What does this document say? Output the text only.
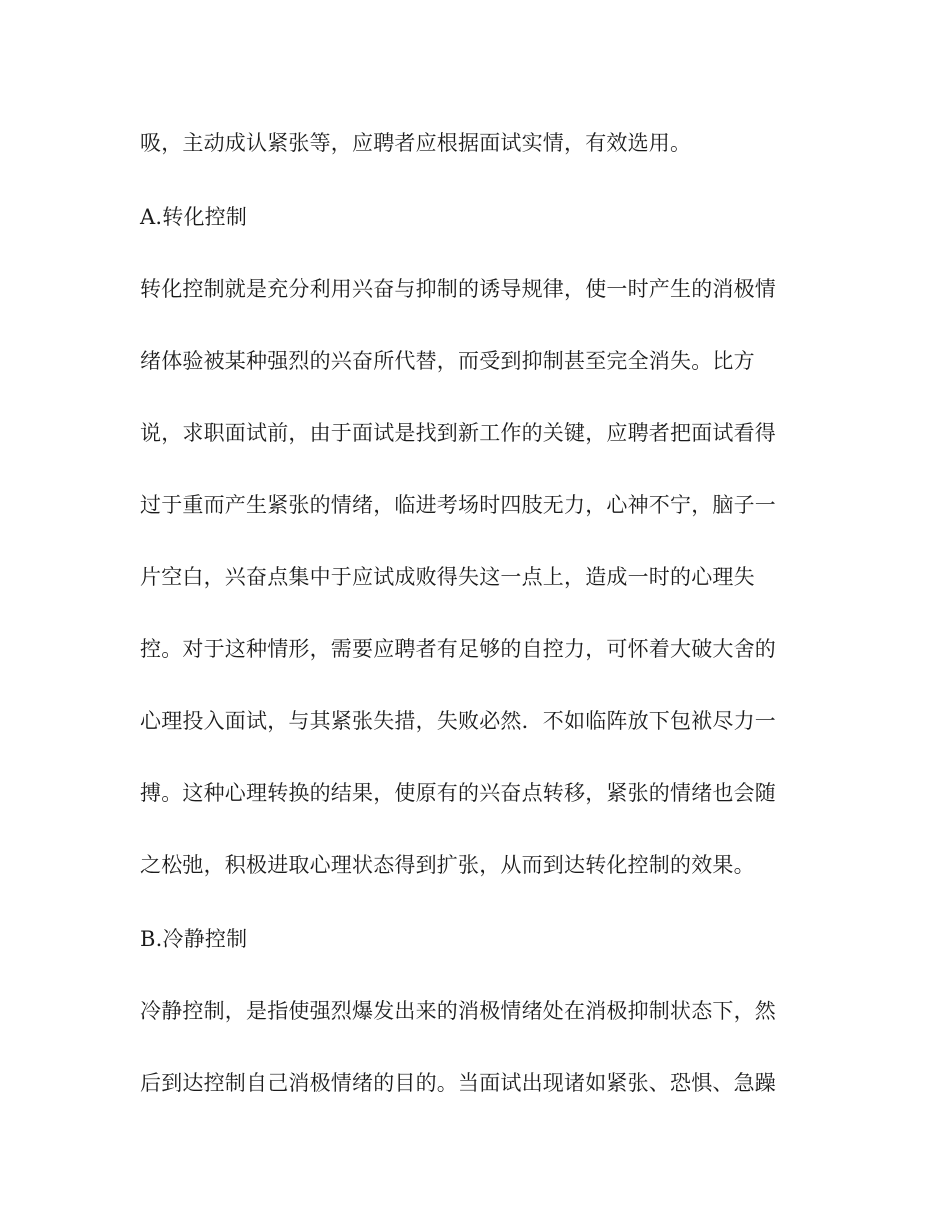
吸，主动成认紧张等，应聘者应根据面试实情，有效选用。
A.转化控制
转化控制就是充分利用兴奋与抑制的诱导规律，使一时产生的消极情
绪体验被某种强烈的兴奋所代替，而受到抑制甚至完全消失。比方
说，求职面试前，由于面试是找到新工作的关键，应聘者把面试看得
过于重而产生紧张的情绪，临进考场时四肢无力，心神不宁，脑子一
片空白，兴奋点集中于应试成败得失这一点上，造成一时的心理失
控。对于这种情形，需要应聘者有足够的自控力，可怀着大破大舍的
心理投入面试，与其紧张失措，失败必然．不如临阵放下包袱尽力一
搏。这种心理转换的结果，使原有的兴奋点转移，紧张的情绪也会随
之松弛，积极进取心理状态得到扩张，从而到达转化控制的效果。
B.冷静控制
冷静控制，是指使强烈爆发出来的消极情绪处在消极抑制状态下，然
后到达控制自己消极情绪的目的。当面试出现诸如紧张、恐惧、急躁
